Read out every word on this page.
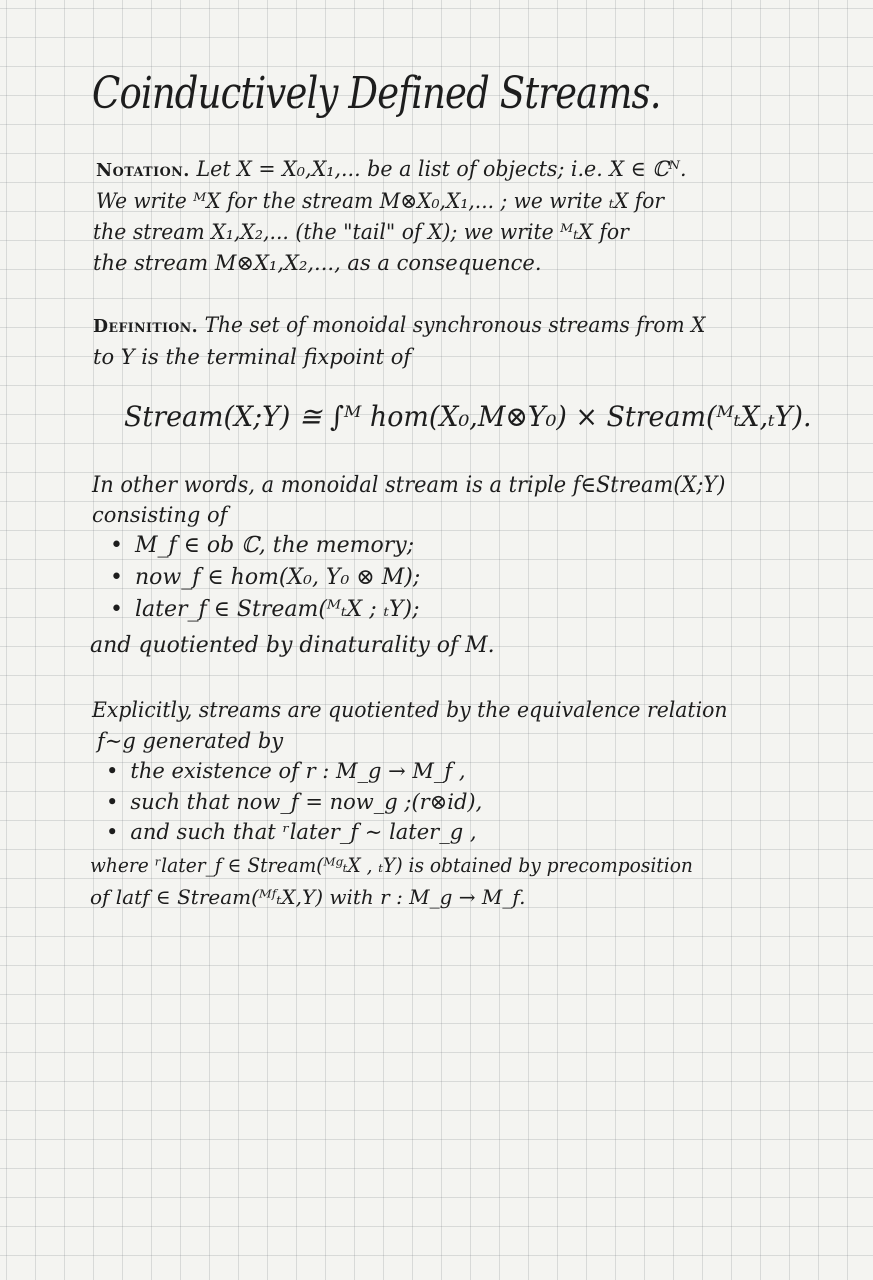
Coinductively Defined Streams.
Notation. Let X = X₀,X₁,... be a list of objects; i.e. X ∈ ℂᴺ.
We write ᴹX for the stream M⊗X₀,X₁,... ; we write ₜX for
the stream X₁,X₂,... (the "tail" of X); we write ᴹₜX for
the stream M⊗X₁,X₂,..., as a consequence.
Definition. The set of monoidal synchronous streams from X
to Y is the terminal fixpoint of
Stream(X;Y) ≅ ∫ᴹ hom(X₀,M⊗Y₀) × Stream(ᴹₜX,ₜY).
In other words, a monoidal stream is a triple f∈Stream(X;Y)
consisting of
• M_f ∈ ob ℂ, the memory;
• now_f ∈ hom(X₀, Y₀ ⊗ M);
• later_f ∈ Stream(ᴹₜX ; ₜY);
and quotiented by dinaturality of M.
Explicitly, streams are quotiented by the equivalence relation
f∼g generated by
• the existence of r : M_g → M_f ,
• such that now_f = now_g ;(r⊗id),
• and such that ʳlater_f ∼ later_g ,
where ʳlater_f ∈ Stream(ᴹᵍₜX , ₜY) is obtained by precomposition
of latf ∈ Stream(ᴹᶠₜX,Y) with r : M_g → M_f.
